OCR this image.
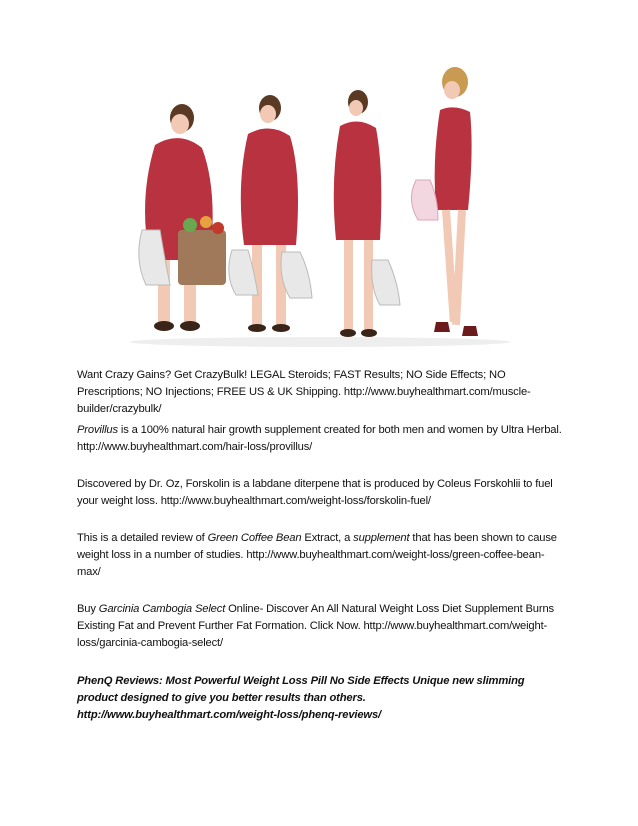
Want Crazy Gains? Get CrazyBulk! LEGAL Steroids; FAST Results; NO Side Effects; NO Prescriptions; NO Injections; FREE US & UK Shipping. http://www.buyhealthmart.com/muscle-builder/crazybulk/

Provillus is a 100% natural hair growth supplement created for both men and women by Ultra Herbal. http://www.buyhealthmart.com/hair-loss/provillus/

Discovered by Dr. Oz, Forskolin is a labdane diterpene that is produced by Coleus Forskohlii to fuel your weight loss. http://www.buyhealthmart.com/weight-loss/forskolin-fuel/

This is a detailed review of Green Coffee Bean Extract, a supplement that has been shown to cause weight loss in a number of studies. http://www.buyhealthmart.com/weight-loss/green-coffee-bean-max/

Buy Garcinia Cambogia Select Online- Discover An All Natural Weight Loss Diet Supplement Burns Existing Fat and Prevent Further Fat Formation. Click Now. http://www.buyhealthmart.com/weight-loss/garcinia-cambogia-select/

PhenQ Reviews: Most Powerful Weight Loss Pill No Side Effects Unique new slimming product designed to give you better results than others. http://www.buyhealthmart.com/weight-loss/phenq-reviews/
